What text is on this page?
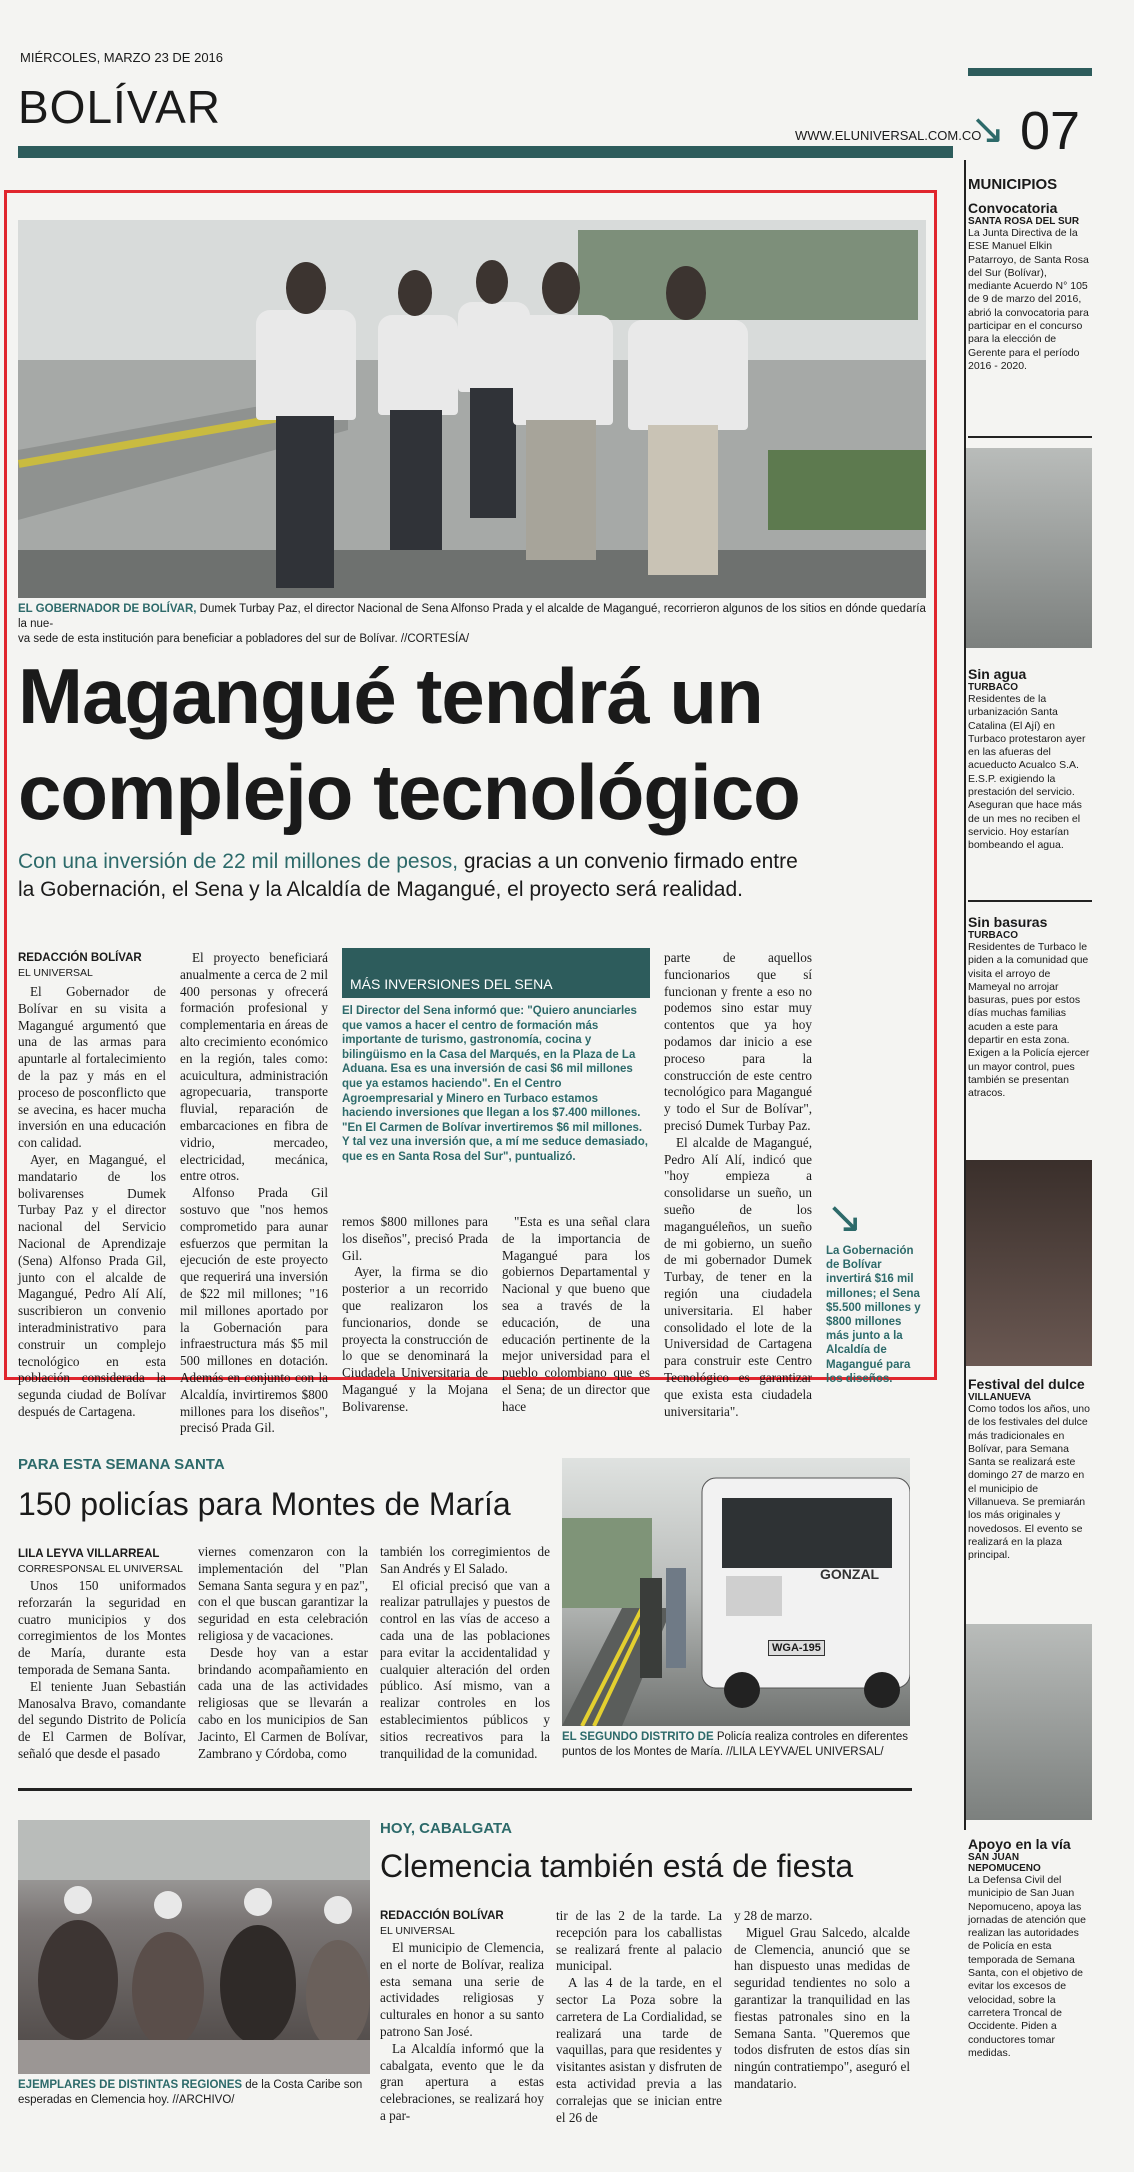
MIÉRCOLES, MARZO 23 DE 2016
BOLÍVAR
WWW.ELUNIVERSAL.COM.CO
↘ 07
EL GOBERNADOR DE BOLÍVAR, Dumek Turbay Paz, el director Nacional de Sena Alfonso Prada y el alcalde de Magangué, recorrieron algunos de los sitios en dónde quedaría la nue-
va sede de esta institución para beneficiar a pobladores del sur de Bolívar. //CORTESÍA/
Magangué tendrá un
complejo tecnológico
Con una inversión de 22 mil millones de pesos, gracias a un convenio firmado entre
la Gobernación, el Sena y la Alcaldía de Magangué, el proyecto será realidad.
REDACCIÓN BOLÍVAR
EL UNIVERSAL

El Gobernador de Bolívar en su visita a Magangué argumentó que una de las armas para apuntarle al fortalecimiento de la paz y más en el proceso de posconflicto que se avecina, es hacer mucha inversión en una educación con calidad.

Ayer, en Magangué, el mandatario de los bolivarenses Dumek Turbay Paz y el director nacional del Servicio Nacional de Aprendizaje (Sena) Alfonso Prada Gil, junto con el alcalde de Magangué, Pedro Alí Alí, suscribieron un convenio interadministrativo para construir un complejo tecnológico en esta población considerada la segunda ciudad de Bolívar después de Cartagena.

El proyecto beneficiará anualmente a cerca de 2 mil 400 personas y ofrecerá formación profesional y complementaria en áreas de alto crecimiento económico en la región, tales como: acuicultura, administración agropecuaria, transporte fluvial, reparación de embarcaciones en fibra de vidrio, mercadeo, electricidad, mecánica, entre otros.

Alfonso Prada Gil sostuvo que "nos hemos comprometido para aunar esfuerzos que permitan la ejecución de este proyecto que requerirá una inversión de $22 mil millones; "16 mil millones aportado por la Gobernación para infraestructura más $5 mil 500 millones en dotación. Además en conjunto con la Alcaldía, invirtiremos $800 millones para los diseños", precisó Prada Gil.

MÁS INVERSIONES DEL SENA
El Director del Sena informó que: "Quiero anunciarles que vamos a hacer el centro de formación más importante de turismo, gastronomía, cocina y bilingüismo en la Casa del Marqués, en la Plaza de La Aduana. Esa es una inversión de casi $6 mil millones que ya estamos haciendo". En el Centro Agroempresarial y Minero en Turbaco estamos haciendo inversiones que llegan a los $7.400 millones. "En El Carmen de Bolívar invertiremos $6 mil millones. Y tal vez una inversión que, a mí me seduce demasiado, que es en Santa Rosa del Sur", puntualizó.

remos $800 millones para los diseños", precisó Prada Gil.

Ayer, la firma se dio posterior a un recorrido que realizaron los funcionarios, donde se proyecta la construcción de lo que se denominará la Ciudadela Universitaria de Magangué y la Mojana Bolivarense.

"Esta es una señal clara de la importancia de Magangué para los gobiernos Departamental y Nacional y que bueno que sea a través de la educación, de una educación pertinente de la mejor universidad para el pueblo colombiano que es el Sena; de un director que hace

parte de aquellos funcionarios que sí funcionan y frente a eso no podemos sino estar muy contentos que ya hoy podamos dar inicio a ese proceso para la construcción de este centro tecnológico para Magangué y todo el Sur de Bolívar", precisó Dumek Turbay Paz.

El alcalde de Magangué, Pedro Alí Alí, indicó que "hoy empieza a consolidarse un sueño, un sueño de los maganguéleños, un sueño de mi gobierno, un sueño de mi gobernador Dumek Turbay, de tener en la región una ciudadela universitaria. El haber consolidado el lote de la Universidad de Cartagena para construir este Centro Tecnológico es garantizar que exista esta ciudadela universitaria".

↘
La Gobernación de Bolívar invertirá $16 mil millones; el Sena $5.500 millones y $800 millones más junto a la Alcaldía de Magangué para los diseños.
PARA ESTA SEMANA SANTA
150 policías para Montes de María
LILA LEYVA VILLARREAL
CORRESPONSAL EL UNIVERSAL

Unos 150 uniformados reforzarán la seguridad en cuatro municipios y dos corregimientos de los Montes de María, durante esta temporada de Semana Santa.

El teniente Juan Sebastián Manosalva Bravo, comandante del segundo Distrito de Policía de El Carmen de Bolívar, señaló que desde el pasado

viernes comenzaron con la implementación del "Plan Semana Santa segura y en paz", con el que buscan garantizar la seguridad en esta celebración religiosa y de vacaciones.

Desde hoy van a estar brindando acompañamiento en cada una de las actividades religiosas que se llevarán a cabo en los municipios de San Jacinto, El Carmen de Bolívar, Zambrano y Córdoba, como

también los corregimientos de San Andrés y El Salado.

El oficial precisó que van a realizar patrullajes y puestos de control en las vías de acceso a cada una de las poblaciones para evitar la accidentalidad y cualquier alteración del orden público. Así mismo, van a realizar controles en los establecimientos públicos y sitios recreativos para la tranquilidad de la comunidad.

GONZAL
WGA-195
EL SEGUNDO DISTRITO DE Policía realiza controles en diferentes puntos de los Montes de María. //LILA LEYVA/EL UNIVERSAL/
EJEMPLARES DE DISTINTAS REGIONES de la Costa Caribe son esperadas en Clemencia hoy. //ARCHIVO/
HOY, CABALGATA
Clemencia también está de fiesta
REDACCIÓN BOLÍVAR
EL UNIVERSAL

El municipio de Clemencia, en el norte de Bolívar, realiza esta semana una serie de actividades religiosas y culturales en honor a su santo patrono San José.

La Alcaldía informó que la cabalgata, evento que le da gran apertura a estas celebraciones, se realizará hoy a par-

tir de las 2 de la tarde. La recepción para los caballistas se realizará frente al palacio municipal.

A las 4 de la tarde, en el sector La Poza sobre la carretera de La Cordialidad, se realizará una tarde de vaquillas, para que residentes y visitantes asistan y disfruten de esta actividad previa a las corralejas que se inician entre el 26 de

y 28 de marzo.

Miguel Grau Salcedo, alcalde de Clemencia, anunció que se han dispuesto unas medidas de seguridad tendientes no solo a garantizar la tranquilidad en las fiestas patronales sino en la Semana Santa. "Queremos que todos disfruten de estos días sin ningún contratiempo", aseguró el mandatario.

MUNICIPIOS
Convocatoria
SANTA ROSA DEL SUR
La Junta Directiva de la ESE Manuel Elkin Patarroyo, de Santa Rosa del Sur (Bolívar), mediante Acuerdo N° 105 de 9 de marzo del 2016, abrió la convocatoria para participar en el concurso para la elección de Gerente para el período 2016 - 2020.
Sin agua
TURBACO
Residentes de la urbanización Santa Catalina (El Ají) en Turbaco protestaron ayer en las afueras del acueducto Acualco S.A. E.S.P. exigiendo la prestación del servicio. Aseguran que hace más de un mes no reciben el servicio. Hoy estarían bombeando el agua.
Sin basuras
TURBACO
Residentes de Turbaco le piden a la comunidad que visita el arroyo de Mameyal no arrojar basuras, pues por estos días muchas familias acuden a este para departir en esta zona. Exigen a la Policía ejercer un mayor control, pues también se presentan atracos.
Festival del dulce
VILLANUEVA
Como todos los años, uno de los festivales del dulce más tradicionales en Bolívar, para Semana Santa se realizará este domingo 27 de marzo en el municipio de Villanueva. Se premiarán los más originales y novedosos. El evento se realizará en la plaza principal.
Apoyo en la vía
SAN JUAN NEPOMUCENO
La Defensa Civil del municipio de San Juan Nepomuceno, apoya las jornadas de atención que realizan las autoridades de Policía en esta temporada de Semana Santa, con el objetivo de evitar los excesos de velocidad, sobre la carretera Troncal de Occidente. Piden a conductores tomar medidas.
